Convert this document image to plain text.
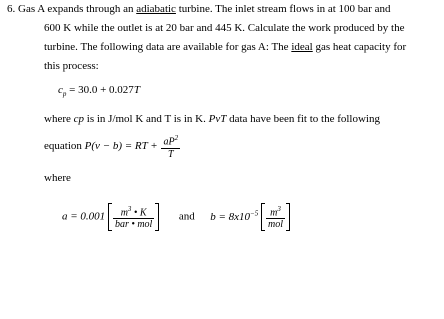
6. Gas A expands through an adiabatic turbine. The inlet stream flows in at 100 bar and
600 K while the outlet is at 20 bar and 445 K. Calculate the work produced by the
turbine. The following data are available for gas A: The ideal gas heat capacity for
this process:
$c_p = 30.0 + 0.027T$
where cp is in J/mol K and T is in K. PvT data have been fit to the following
equation P(v − b) = RT + $\frac{aP^2}{T}$
where
$a = 0.001 \frac{m^3 • K}{\text{bar • mol}}$ and $b = 8x10^{-5} \frac{m^3}{\text{mol}}$
